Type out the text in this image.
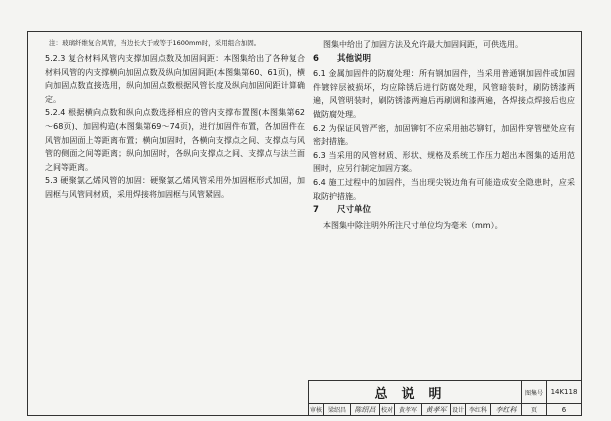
注：玻璃纤维复合风管，当边长大于或等于1600mm时，采用组合加固。

5.2.3 复合材料风管内支撑加固点数及加固间距：本图集给出了各种复合材料风管的内支撑横向加固点数及纵向加固间距(本图集第60、61页)，横向加固点数直接选用，纵向加固点数根据风管长度及纵向加固间距计算确定。

5.2.4 根据横向点数和纵向点数选择相应的管内支撑布置图(本图集第62～68页)、加固构造(本图集第69～74页)，进行加固件布置，各加固件在风管加固面上等距离布置；横向加固时，各横向支撑点之间、支撑点与风管的侧面之间等距离；纵向加固时，各纵向支撑点之间、支撑点与法兰面之间等距离。

5.3 硬聚氯乙烯风管的加固：硬聚氯乙烯风管采用外加固框形式加固，加固框与风管同材质，采用焊接将加固框与风管紧固。

图集中给出了加固方法及允许最大加固间距，可供选用。

6 其他说明

6.1 金属加固件的防腐处理：所有钢加固件，当采用普通钢加固件或加固件镀锌层被损坏，均应除锈后进行防腐处理，风管暗装时，刷防锈漆两遍，风管明装时，刷防锈漆两遍后再刷调和漆两遍，各焊接点焊接后也应做防腐处理。

6.2 为保证风管严密，加固铆钉不应采用抽芯铆钉，加固件穿管壁处应有密封措施。

6.3 当采用的风管材质、形状、规格及系统工作压力超出本图集的适用范围时，应另行制定加固方案。

6.4 施工过程中的加固件，当出现尖锐边角有可能造成安全隐患时，应采取防护措施。

7 尺寸单位

本图集中除注明外所注尺寸单位均为毫米（mm）。

总说明	图集号	14K118
审核 梁绍昌	陈绍昌 校对 黄孝军	黄孝军 设计 李红科	李红科	页	6
